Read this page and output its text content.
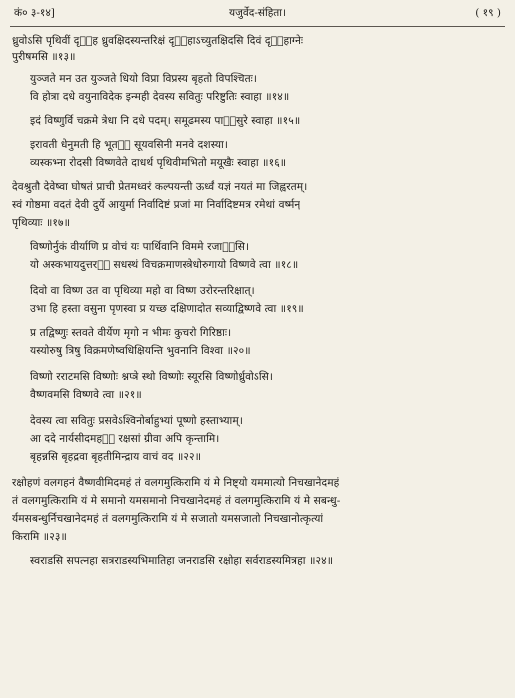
कं० ३-१४]	यजुर्वेद-संहिता।	( १९ )
ध्रुवोऽसि पृथिवीं दृᳬंह ध्रुवक्षिदस्यन्तरिक्षं दृᳬंहाऽच्युतक्षिदसि दिवं दृᳬंहाग्नेः
पुरीषमसि ॥१३॥
युञ्जते मन उत युञ्जते धियो विप्रा विप्रस्य बृहतो विपश्चितः।
वि होत्रा दधे वयुनाविदेक इन्मही देवस्य सवितुः परिष्टुतिः स्वाहा ॥१४॥
इदं विष्णुर्वि चक्रमे त्रेधा नि दधे पदम्। समूढमस्य पाᳬंसुरे स्वाहा ॥१५॥
इरावती धेनुमती हि भूतᳬं सूयवसिनी मनवे दशस्या।
व्यस्कभ्ना रोदसी विष्णवेते दाधर्थ पृथिवीमभितो मयूखैः स्वाहा ॥१६॥
देवश्रुतौ देवेष्वा घोषतं प्राची प्रेतमध्वरं कल्पयन्ती ऊर्ध्वं यज्ञं नयतं मा जिह्वरतम्।
स्वं गोष्ठमा वदतं देवी दुर्ये आयुर्मा निर्वादिष्टं प्रजां मा निर्वादिष्टमत्र रमेथां वर्ष्मन्
पृथिव्याः ॥१७॥
विष्णोर्नुकं वीर्याणि प्र वोचं यः पार्थिवानि विममे रजाᳬंसि।
यो अस्कभायदुत्तरᳬं सधस्थं विचक्रमाणस्त्रेधोरुगायो विष्णवे त्वा ॥१८॥
दिवो वा विष्ण उत वा पृथिव्या महो वा विष्ण उरोरन्तरिक्षात्।
उभा हि हस्ता वसुना पृणस्वा प्र यच्छ दक्षिणादोत सव्याद्विष्णवे त्वा ॥१९॥
प्र तद्विष्णुः स्तवते वीर्येण मृगो न भीमः कुचरो गिरिष्ठाः।
यस्योरुषु त्रिषु विक्रमणेष्वधिक्षियन्ति भुवनानि विश्वा ॥२०॥
विष्णो रराटमसि विष्णोः श्नप्त्रे स्थो विष्णोः स्यूरसि विष्णोर्ध्रुवोऽसि।
वैष्णवमसि विष्णवे त्वा ॥२१॥
देवस्य त्वा सवितुः प्रसवेऽश्विनोर्बाहुभ्यां पूष्णो हस्ताभ्याम्।
आ ददे नार्यसीदमहᳬं रक्षसां ग्रीवा अपि कृन्तामि।
बृहन्नसि बृहद्रवा बृहतीमिन्द्राय वाचं वद ॥२२॥
रक्षोहणं वलगहनं वैष्णवीमिदमहं तं वलगमुत्किरामि यं मे निष्ट्यो यममात्यो निचखानेदमहं
तं वलगमुत्किरामि यं मे समानो यमसमानो निचखानेदमहं तं वलगमुत्किरामि यं मे सबन्धु-
र्यमसबन्धुर्निचखानेदमहं तं वलगमुत्किरामि यं मे सजातो यमसजातो निचखानोत्कृत्यां
किरामि ॥२३॥
स्वराडसि सपत्नहा सत्रराडस्यभिमातिहा जनराडसि रक्षोहा सर्वराडस्यमित्रहा ॥२४॥
